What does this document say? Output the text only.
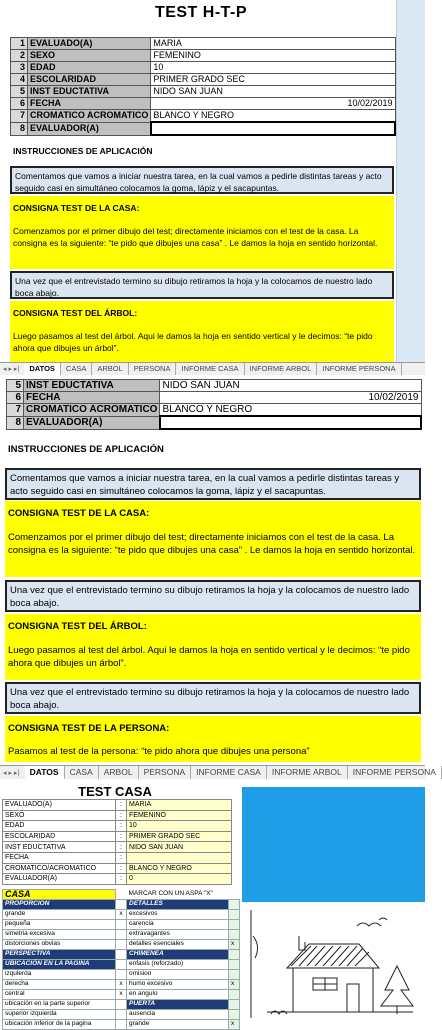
TEST H-T-P
1	EVALUADO(A)	MARIA
2	SEXO	FEMENINO
3	EDAD	10
4	ESCOLARIDAD	PRIMER GRADO SEC
5	INST EDUCTATIVA	NIDO SAN JUAN
6	FECHA	10/02/2019
7	CROMATICO ACROMATICO	BLANCO Y NEGRO
8	EVALUADOR(A)	
INSTRUCCIONES DE APLICACIÓN
Comentamos que vamos a iniciar nuestra tarea, en la cual vamos a pedirle distintas tareas y acto seguido casi en simultáneo colocamos la goma, lápiz y el sacapuntas.
CONSIGNA TEST DE LA CASA:
Comenzamos por el primer dibujo del test; directamente iniciamos con el test de la casa. La consigna es la siguiente: “te pido que dibujes una casa” . Le damos la hoja en sentido horizontal.
Una vez que el entrevistado termino su dibujo retiramos la hoja y la colocamos de nuestro lado boca abajo.
CONSIGNA TEST DEL ÁRBOL:
Luego pasamos al test del árbol. Aqui le damos la hoja en sentido vertical y le decimos: “te pido ahora que dibujes un árbol”.
◂ ▸ ▸| DATOS CASA ARBOL PERSONA INFORME CASA INFORME ARBOL INFORME PERSONA
5	INST EDUCTATIVA	NIDO SAN JUAN
6	FECHA	10/02/2019
7	CROMATICO ACROMATICO	BLANCO Y NEGRO
8	EVALUADOR(A)	
INSTRUCCIONES DE APLICACIÓN
Comentamos que vamos a iniciar nuestra tarea, en la cual vamos a pedirle distintas tareas y acto seguido casi en simultáneo colocamos la goma, lápiz y el sacapuntas.
CONSIGNA TEST DE LA CASA:
Comenzamos por el primer dibujo del test; directamente iniciamos con el test de la casa. La consigna es la siguiente: “te pido que dibujes una casa” . Le damos la hoja en sentido horizontal.
Una vez que el entrevistado termino su dibujo retiramos la hoja y la colocamos de nuestro lado boca abajo.
CONSIGNA TEST DEL ÁRBOL:
Luego pasamos al test del árbol. Aqui le damos la hoja en sentido vertical y le decimos: “te pido ahora que dibujes un árbol”.
Una vez que el entrevistado termino su dibujo retiramos la hoja y la colocamos de nuestro lado boca abajo.
CONSIGNA TEST DE LA PERSONA:
Pasamos al test de la persona: “te pido ahora que dibujes una persona”
◂ ▸ ▸| DATOS CASA ARBOL PERSONA INFORME CASA INFORME ARBOL INFORME PERSONA
TEST CASA
EVALUADO(A)	:	MARIA
SEXO	:	FEMENINO
EDAD	:	10
ESCOLARIDAD	:	PRIMER GRADO SEC
INST EDUCTATIVA	:	NIDO SAN JUAN
FECHA	:	
CROMATICO/ACROMATICO	:	BLANCO Y NEGRO
EVALUADOR(A)	:	0
CASA		MARCAR CON UN ASPA "X"	
PROPORCION		DETALLES	
grande	x	excesivos	
pequeña		carencia	
simetria excesiva		extravagantes	
distorciones obvias		detalles esenciales	x
PERSPECTIVA		CHIMENEA	
UBICACIÓN EN LA PAGINA		enfasis (reforzado)	
izquierda		omision	
derecha	x	humo excesivo	x
central	x	en angulo	
ubicación en la parte superior		PUERTA	
superior izquierda		ausencia	
ubicación inferior de la pagina		grande	x
